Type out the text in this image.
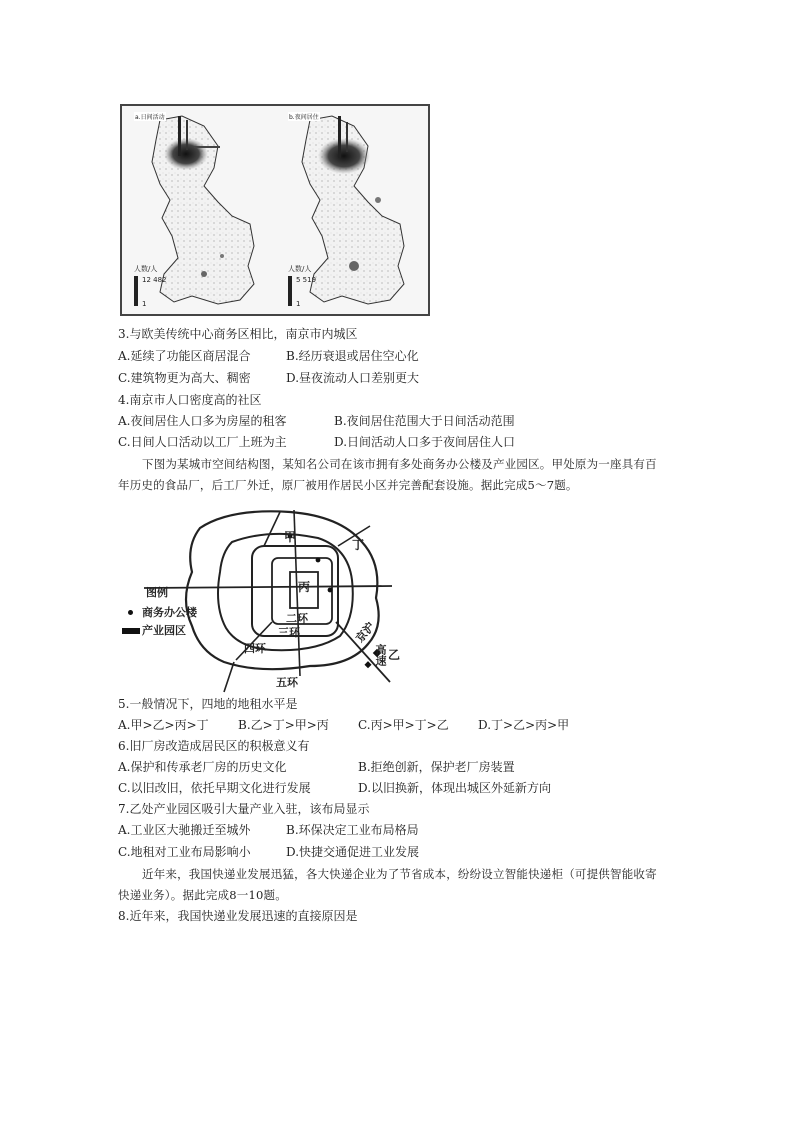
a.日间活动	b.夜间居住
人数/人
12 482
1
人数/人
5 519
1
3.与欧美传统中心商务区相比，南京市内城区
A.延续了功能区商居混合	B.经历衰退或居住空心化
C.建筑物更为高大、稠密	D.昼夜流动人口差别更大
4.南京市人口密度高的社区
A.夜间居住人口多为房屋的租客	B.夜间居住范围大于日间活动范围
C.日间人口活动以工厂上班为主	D.日间活动人口多于夜间居住人口
下图为某城市空间结构图，某知名公司在该市拥有多处商务办公楼及产业园区。甲处原为一座具有百
年历史的食品厂，后工厂外迁，原厂被用作居民小区并完善配套设施。据此完成5～7题。
甲
丁
丙
乙
二环
三环
四环
五环
京沪
高速
图例
商务办公楼
产业园区
5.一般情况下，四地的地租水平是
A.甲>乙>丙>丁 B.乙>丁>甲>丙 C.丙>甲>丁>乙 D.丁>乙>丙>甲
6.旧厂房改造成居民区的积极意义有
A.保护和传承老厂房的历史文化	B.拒绝创新，保护老厂房装置
C.以旧改旧，依托早期文化进行发展	D.以旧换新，体现出城区外延新方向
7.乙处产业园区吸引大量产业入驻，该布局显示
A.工业区大驰搬迁至城外	B.环保决定工业布局格局
C.地租对工业布局影响小	D.快捷交通促进工业发展
近年来，我国快递业发展迅猛，各大快递企业为了节省成本，纷纷设立智能快递柜（可提供智能收寄
快递业务）。据此完成8一10题。
8.近年来，我国快递业发展迅速的直接原因是
